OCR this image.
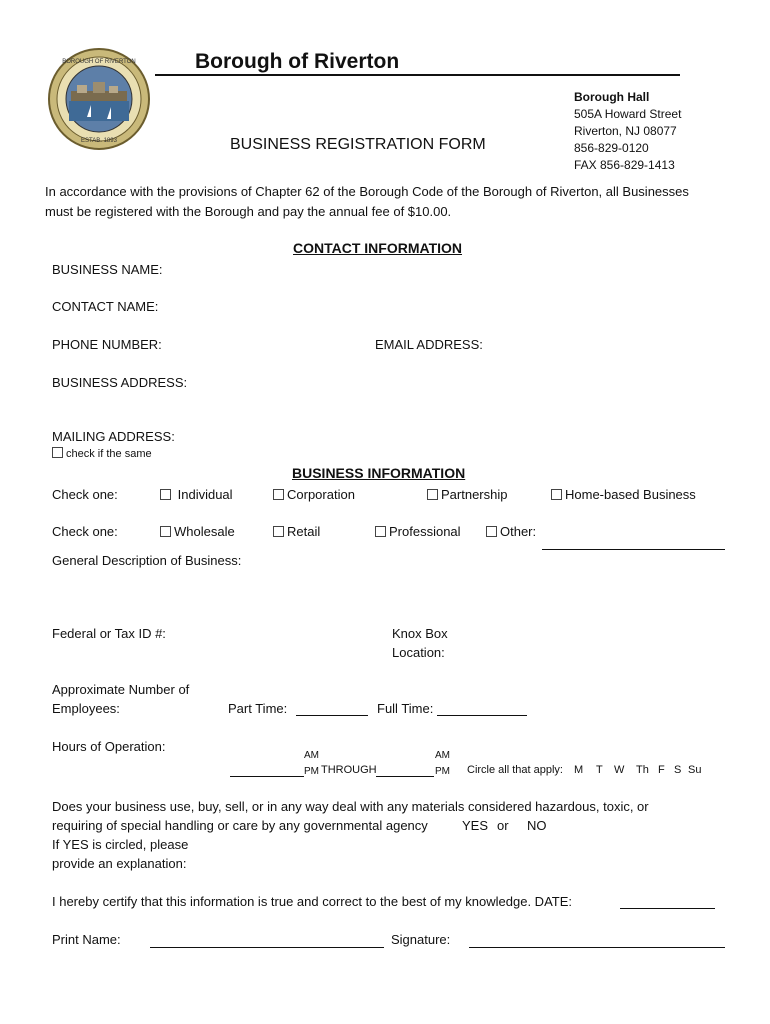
BOROUGH OF RIVERTON
ESTAB. 1893
Borough of Riverton
Borough Hall
505A Howard Street
Riverton, NJ 08077
856-829-0120
FAX 856-829-1413
BUSINESS REGISTRATION FORM
In accordance with the provisions of Chapter 62 of the Borough Code of the Borough of Riverton, all Businesses
must be registered with the Borough and pay the annual fee of $10.00.
CONTACT INFORMATION
BUSINESS NAME:
CONTACT NAME:
PHONE NUMBER:	EMAIL ADDRESS:
BUSINESS ADDRESS:
MAILING ADDRESS:
check if the same
BUSINESS INFORMATION
Check one:	Individual	Corporation	Partnership	Home-based Business
Check one:	Wholesale	Retail	Professional	Other:
General Description of Business:
Federal or Tax ID #:	Knox Box
Location:
Approximate Number of
Employees:	Part Time:	Full Time:
Hours of Operation:
AM
PM THROUGH
AM
PM Circle all that apply: M T W Th F S Su
Does your business use, buy, sell, or in any way deal with any materials considered hazardous, toxic, or
requiring of special handling or care by any governmental agency	YES or NO
If YES is circled, please
provide an explanation:
I hereby certify that this information is true and correct to the best of my knowledge. DATE:
Print Name:	Signature:
